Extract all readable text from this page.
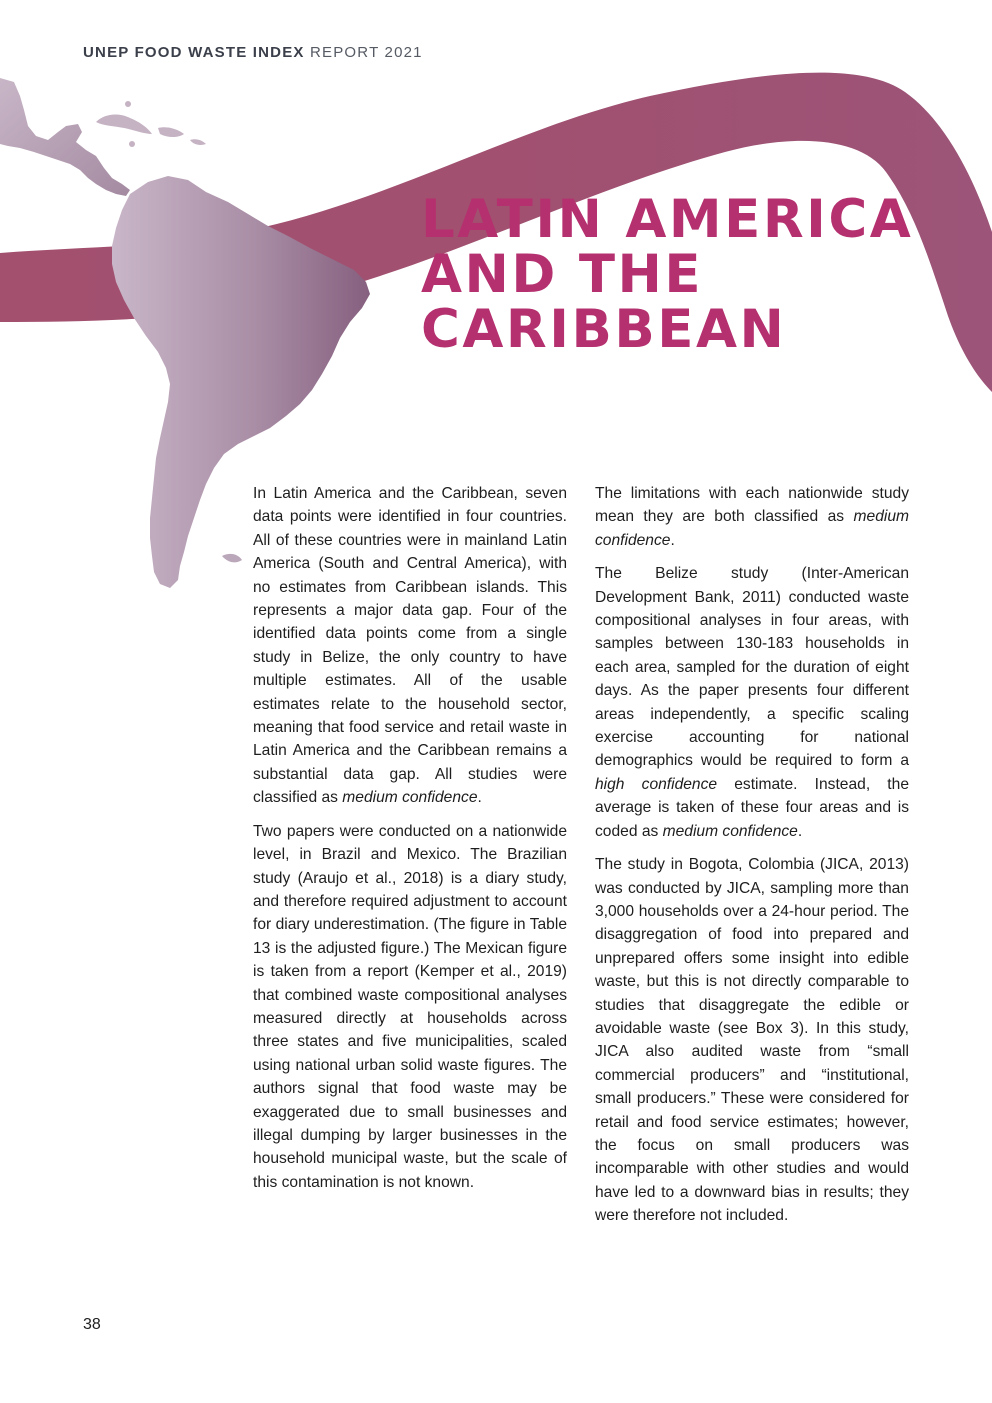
UNEP FOOD WASTE INDEX REPORT 2021
LATIN AMERICA
AND THE
CARIBBEAN

In Latin America and the Caribbean, seven data points were identified in four countries. All of these countries were in mainland Latin America (South and Central America), with no estimates from Caribbean islands. This represents a major data gap. Four of the identified data points come from a single study in Belize, the only country to have multiple estimates. All of the usable estimates relate to the household sector, meaning that food service and retail waste in Latin America and the Caribbean remains a substantial data gap. All studies were classified as medium confidence.

Two papers were conducted on a nationwide level, in Brazil and Mexico. The Brazilian study (Araujo et al., 2018) is a diary study, and therefore required adjustment to account for diary underestimation. (The figure in Table 13 is the adjusted figure.) The Mexican figure is taken from a report (Kemper et al., 2019) that combined waste compositional analyses measured directly at households across three states and five municipalities, scaled using national urban solid waste figures. The authors signal that food waste may be exaggerated due to small businesses and illegal dumping by larger businesses in the household municipal waste, but the scale of this contamination is not known.

The limitations with each nationwide study mean they are both classified as medium confidence.

The Belize study (Inter-American Development Bank, 2011) conducted waste compositional analyses in four areas, with samples between 130-183 households in each area, sampled for the duration of eight days. As the paper presents four different areas independently, a specific scaling exercise accounting for national demographics would be required to form a high confidence estimate. Instead, the average is taken of these four areas and is coded as medium confidence.

The study in Bogota, Colombia (JICA, 2013) was conducted by JICA, sampling more than 3,000 households over a 24-hour period. The disaggregation of food into prepared and unprepared offers some insight into edible waste, but this is not directly comparable to studies that disaggregate the edible or avoidable waste (see Box 3). In this study, JICA also audited waste from “small commercial producers” and “institutional, small producers.” These were considered for retail and food service estimates; however, the focus on small producers was incomparable with other studies and would have led to a downward bias in results; they were therefore not included.

38
